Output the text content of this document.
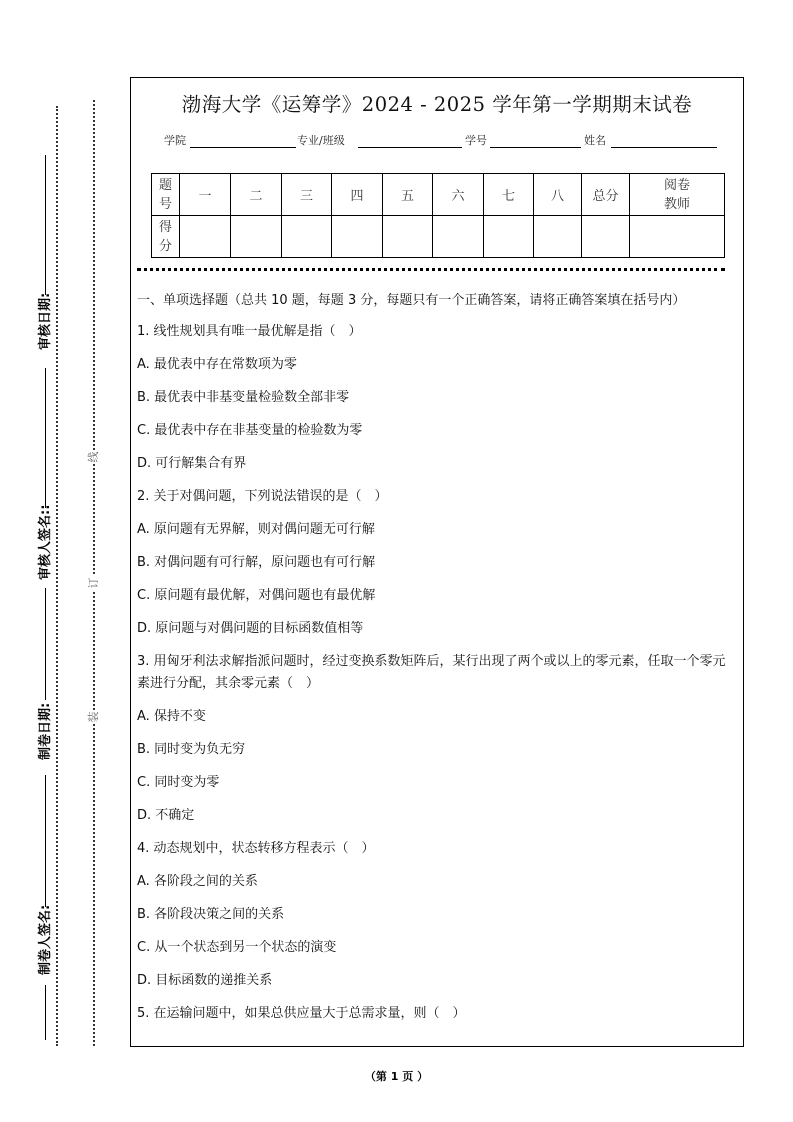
审核日期:
审核人签名::
制卷日期:
制卷人签名:
线
订
装
渤海大学《运筹学》2024 - 2025 学年第一学期期末试卷
学院	专业/班级	学号	姓名
题
号	一	二	三	四	五	六	七	八	总分	阅卷
教师

得
分										

一、单项选择题（总共 10 题，每题 3 分，每题只有一个正确答案，请将正确答案填在括号内）
1. 线性规划具有唯一最优解是指（　）
A. 最优表中存在常数项为零
B. 最优表中非基变量检验数全部非零
C. 最优表中存在非基变量的检验数为零
D. 可行解集合有界
2. 关于对偶问题，下列说法错误的是（　）
A. 原问题有无界解，则对偶问题无可行解
B. 对偶问题有可行解，原问题也有可行解
C. 原问题有最优解，对偶问题也有最优解
D. 原问题与对偶问题的目标函数值相等
3. 用匈牙利法求解指派问题时，经过变换系数矩阵后，某行出现了两个或以上的零元素，任取一个零元素进行分配，其余零元素（　）
A. 保持不变
B. 同时变为负无穷
C. 同时变为零
D. 不确定
4. 动态规划中，状态转移方程表示（　）
A. 各阶段之间的关系
B. 各阶段决策之间的关系
C. 从一个状态到另一个状态的演变
D. 目标函数的递推关系
5. 在运输问题中，如果总供应量大于总需求量，则（　）
（第 1 页 ）
